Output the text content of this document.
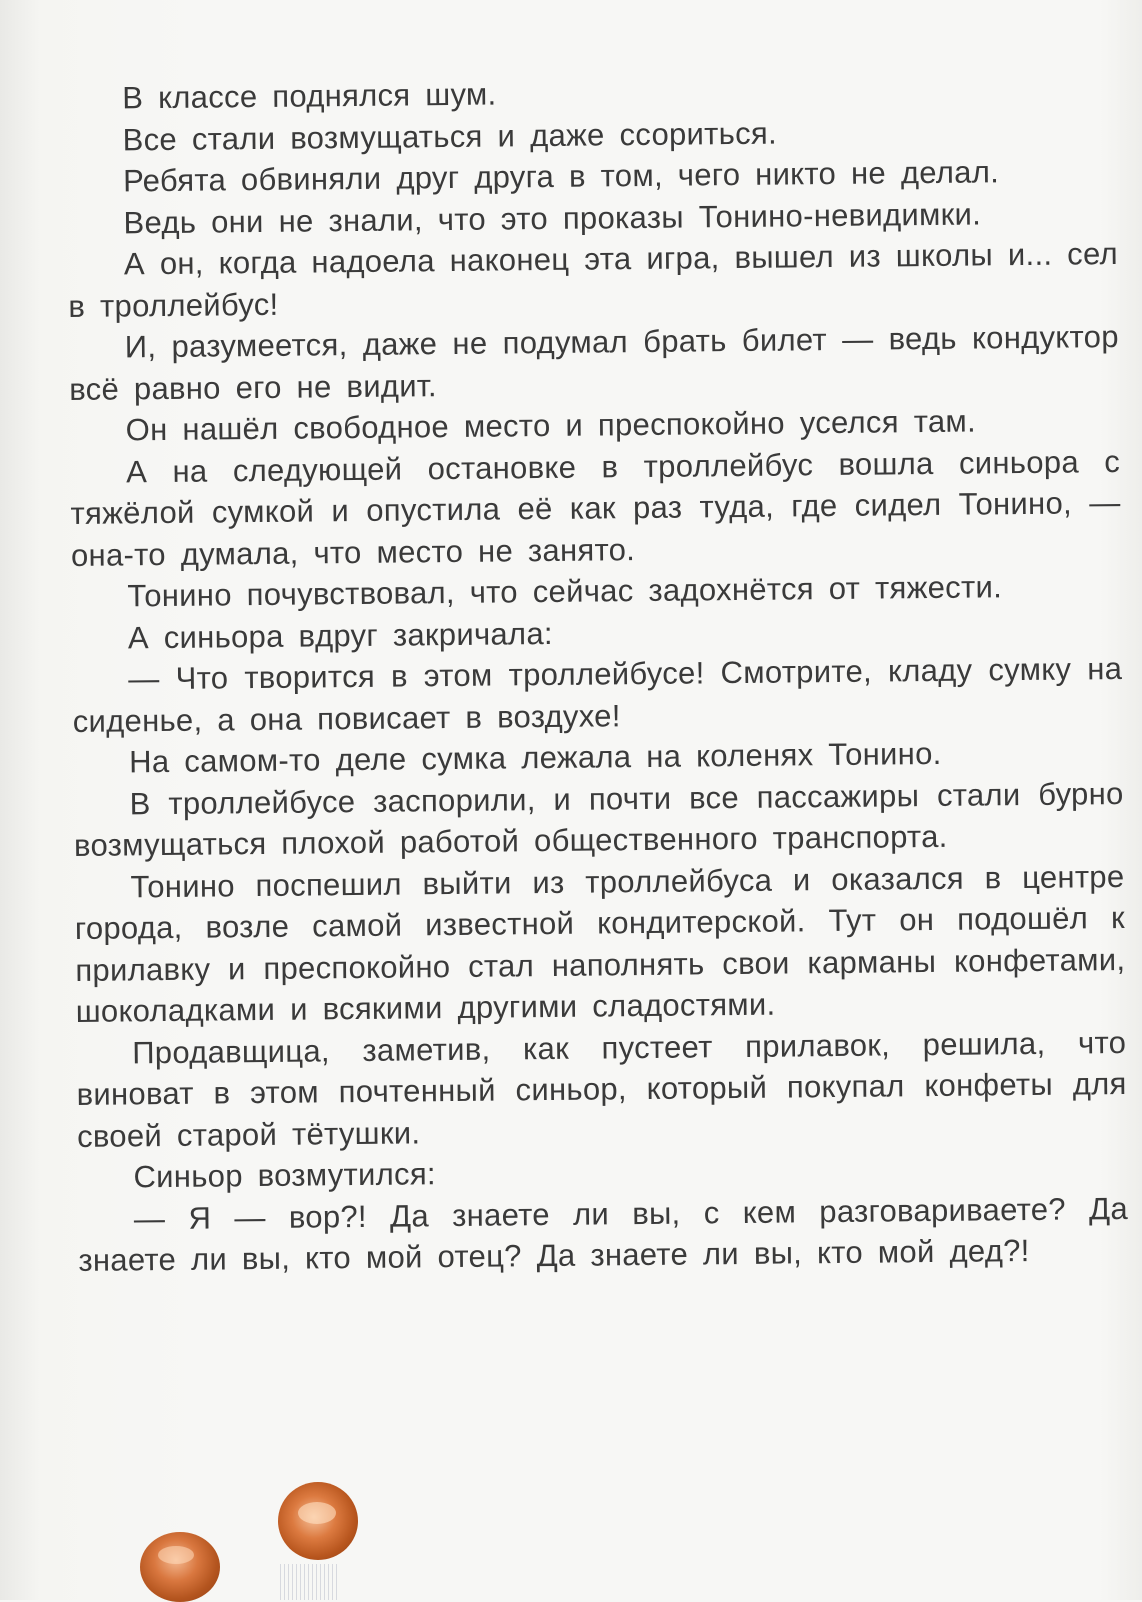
В классе поднялся шум.

Все стали возмущаться и даже ссориться.

Ребята обвиняли друг друга в том, чего никто не делал.

Ведь они не знали, что это проказы Тонино-невидимки.

А он, когда надоела наконец эта игра, вышел из школы и... сел в троллейбус!

И, разумеется, даже не подумал брать билет — ведь кондуктор всё равно его не видит.

Он нашёл свободное место и преспокойно уселся там.

А на следующей остановке в троллейбус вошла синьора с тяжёлой сумкой и опустила её как раз туда, где сидел Тонино, — она-то думала, что место не занято.

Тонино почувствовал, что сейчас задохнётся от тяжести.

А синьора вдруг закричала:

— Что творится в этом троллейбусе! Смотрите, кладу сумку на сиденье, а она повисает в воздухе!

На самом-то деле сумка лежала на коленях Тонино.

В троллейбусе заспорили, и почти все пассажиры стали бурно возмущаться плохой работой общественного транспорта.

Тонино поспешил выйти из троллейбуса и оказался в центре города, возле самой известной кондитерской. Тут он подошёл к прилавку и преспокойно стал наполнять свои карманы конфетами, шоколадками и всякими другими сладостями.

Продавщица, заметив, как пустеет прилавок, решила, что виноват в этом почтенный синьор, который покупал конфеты для своей старой тётушки.

Синьор возмутился:

— Я — вор?! Да знаете ли вы, с кем разговариваете? Да знаете ли вы, кто мой отец? Да знаете ли вы, кто мой дед?!
